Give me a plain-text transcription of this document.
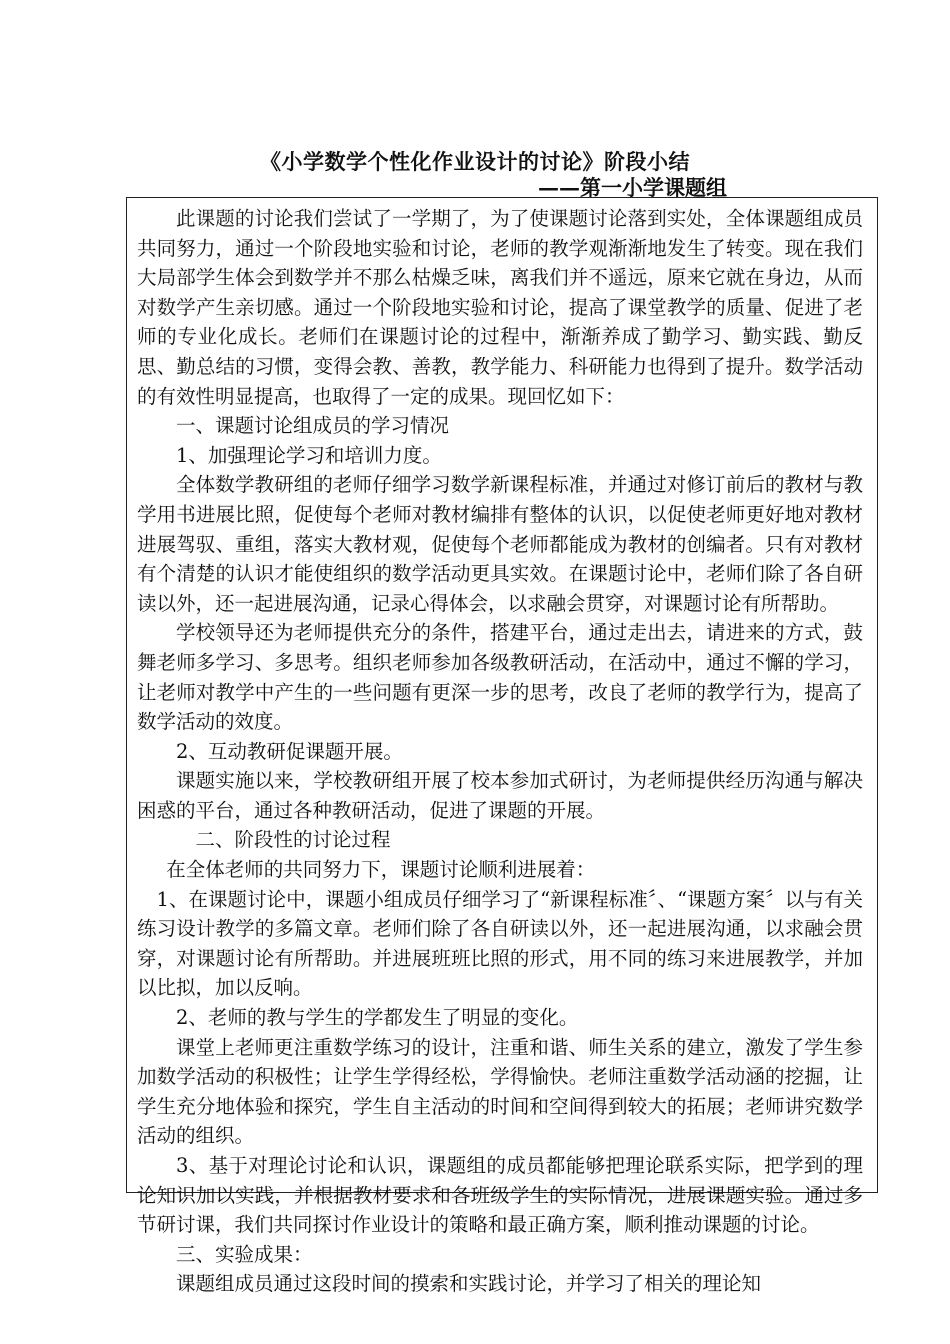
《小学数学个性化作业设计的讨论》阶段小结
——第一小学课题组

此课题的讨论我们尝试了一学期了，为了使课题讨论落到实处，全体课题组成员共同努力，通过一个阶段地实验和讨论，老师的教学观渐渐地发生了转变。现在我们大局部学生体会到数学并不那么枯燥乏味，离我们并不遥远，原来它就在身边，从而对数学产生亲切感。通过一个阶段地实验和讨论，提高了课堂教学的质量、促进了老师的专业化成长。老师们在课题讨论的过程中，渐渐养成了勤学习、勤实践、勤反思、勤总结的习惯，变得会教、善教，教学能力、科研能力也得到了提升。数学活动的有效性明显提高，也取得了一定的成果。现回忆如下：

一、课题讨论组成员的学习情况

1、加强理论学习和培训力度。

全体数学教研组的老师仔细学习数学新课程标准，并通过对修订前后的教材与教学用书进展比照，促使每个老师对教材编排有整体的认识，以促使老师更好地对教材进展驾驭、重组，落实大教材观，促使每个老师都能成为教材的创编者。只有对教材有个清楚的认识才能使组织的数学活动更具实效。在课题讨论中，老师们除了各自研读以外，还一起进展沟通，记录心得体会，以求融会贯穿，对课题讨论有所帮助。

学校领导还为老师提供充分的条件，搭建平台，通过走出去，请进来的方式，鼓舞老师多学习、多思考。组织老师参加各级教研活动，在活动中，通过不懈的学习，让老师对教学中产生的一些问题有更深一步的思考，改良了老师的教学行为，提高了数学活动的效度。

2、互动教研促课题开展。

课题实施以来，学校教研组开展了校本参加式研讨，为老师提供经历沟通与解决困惑的平台，通过各种教研活动，促进了课题的开展。

二、阶段性的讨论过程

在全体老师的共同努力下，课题讨论顺利进展着：

1、在课题讨论中，课题小组成员仔细学习了“新课程标准〞、“课题方案〞以与有关练习设计教学的多篇文章。老师们除了各自研读以外，还一起进展沟通，以求融会贯穿，对课题讨论有所帮助。并进展班班比照的形式，用不同的练习来进展教学，并加以比拟，加以反响。

2、老师的教与学生的学都发生了明显的变化。

课堂上老师更注重数学练习的设计，注重和谐、师生关系的建立，激发了学生参加数学活动的积极性；让学生学得经松，学得愉快。老师注重数学活动涵的挖掘，让学生充分地体验和探究，学生自主活动的时间和空间得到较大的拓展；老师讲究数学活动的组织。

3、基于对理论讨论和认识，课题组的成员都能够把理论联系实际，把学到的理论知识加以实践，并根据教材要求和各班级学生的实际情况，进展课题实验。通过多节研讨课，我们共同探讨作业设计的策略和最正确方案，顺利推动课题的讨论。

三、实验成果：

课题组成员通过这段时间的摸索和实践讨论，并学习了相关的理论知
